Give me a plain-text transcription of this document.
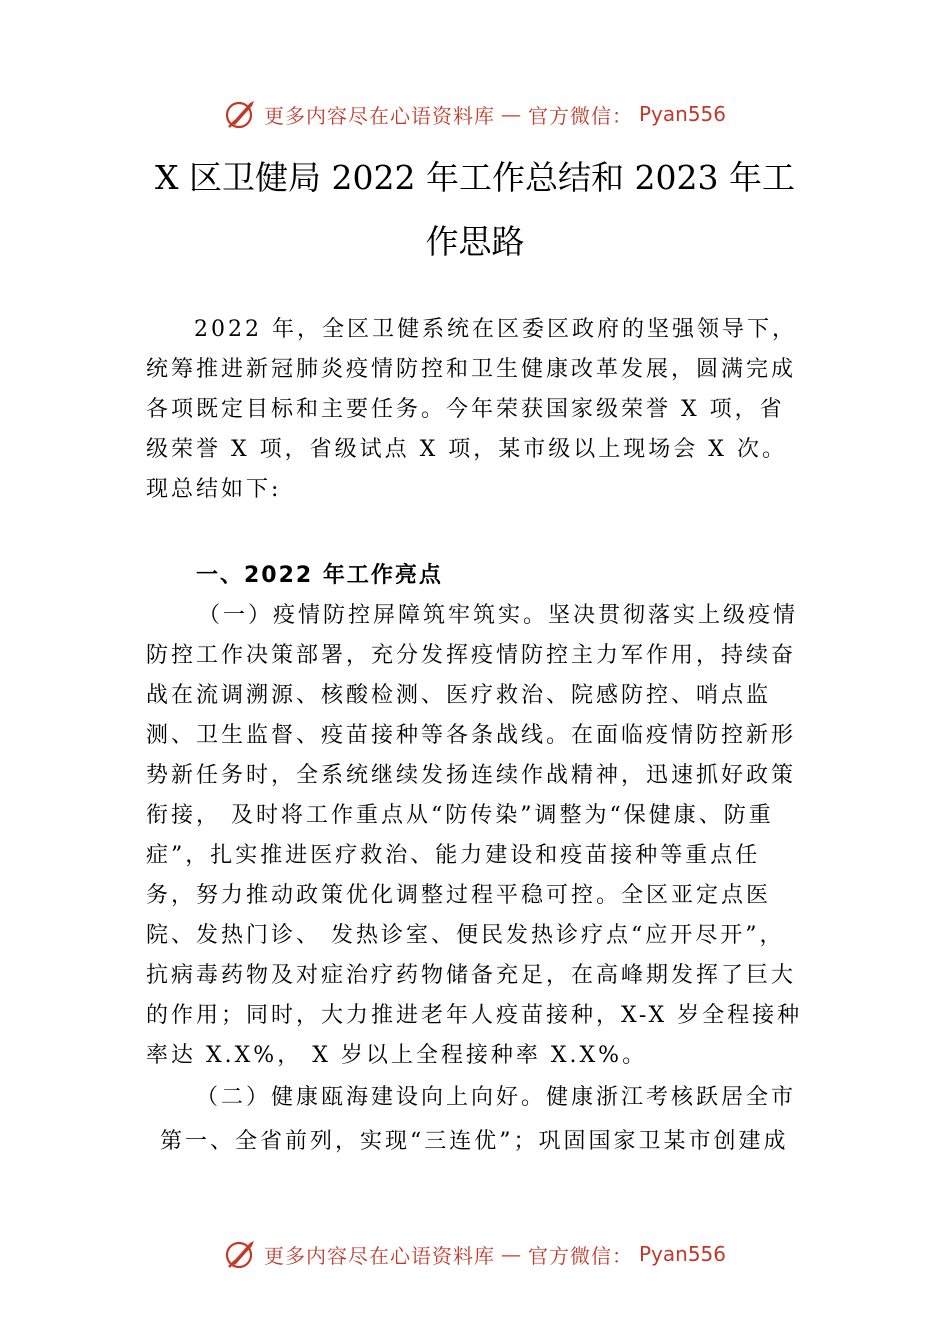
更多内容尽在心语资料库 — 官方微信： Pyan556
X 区卫健局 2022 年工作总结和 2023 年工作思路

2022 年，全区卫健系统在区委区政府的坚强领导下，统筹推进新冠肺炎疫情防控和卫生健康改革发展，圆满完成各项既定目标和主要任务。今年荣获国家级荣誉 X 项，省级荣誉 X 项，省级试点 X 项，某市级以上现场会 X 次。现总结如下:

一、2022 年工作亮点

（一）疫情防控屏障筑牢筑实。坚决贯彻落实上级疫情防控工作决策部署，充分发挥疫情防控主力军作用，持续奋战在流调溯源、核酸检测、医疗救治、院感防控、哨点监测、卫生监督、疫苗接种等各条战线。在面临疫情防控新形势新任务时，全系统继续发扬连续作战精神，迅速抓好政策衔接， 及时将工作重点从“防传染”调整为“保健康、防重症”，扎实推进医疗救治、能力建设和疫苗接种等重点任务，努力推动政策优化调整过程平稳可控。全区亚定点医院、发热门诊、 发热诊室、便民发热诊疗点“应开尽开”，抗病毒药物及对症治疗药物储备充足，在高峰期发挥了巨大的作用；同时，大力推进老年人疫苗接种，X-X 岁全程接种率达 X.X%， X 岁以上全程接种率 X.X%。

（二）健康瓯海建设向上向好。健康浙江考核跃居全市

第一、全省前列，实现“三连优”；巩固国家卫某市创建成

更多内容尽在心语资料库 — 官方微信： Pyan556
